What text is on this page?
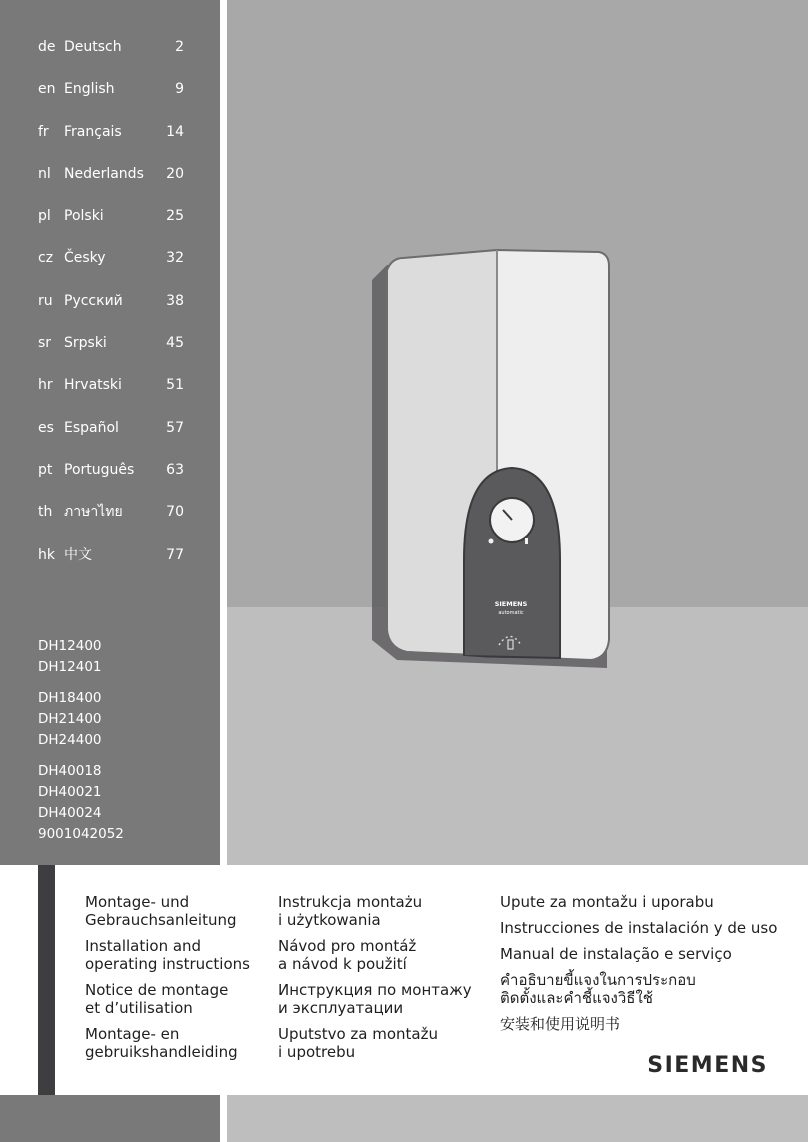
de Deutsch	2
en English	9
fr Français	14
nl Nederlands 20
pl Polski	25
cz Česky	32
ru Русский	38
sr Srpski	45
hr Hrvatski	51
es Español	57
pt Português 63
th ภาษาไทย	70
hk 中文	77
DH12400
DH12401
DH18400
DH21400
DH24400
DH40018
DH40021
DH40024
9001042052
SIEMENS
automatic
Montage- und
Gebrauchsanleitung
Installation and
operating instructions
Notice de montage
et d’utilisation
Montage- en
gebruikshandleiding
Instrukcja montażu
i użytkowania
Návod pro montáž
a návod k použití
Инструкция по монтажу
и эксплуатации
Uputstvo za montažu
i upotrebu
Upute za montažu i uporabu
Instrucciones de instalación y de uso
Manual de instalação e serviço
คำอธิบายขี้แจงในการประกอบ
ติดตั้งและคำชี้แจงวิธีใช้
安装和使用说明书
SIEMENS
